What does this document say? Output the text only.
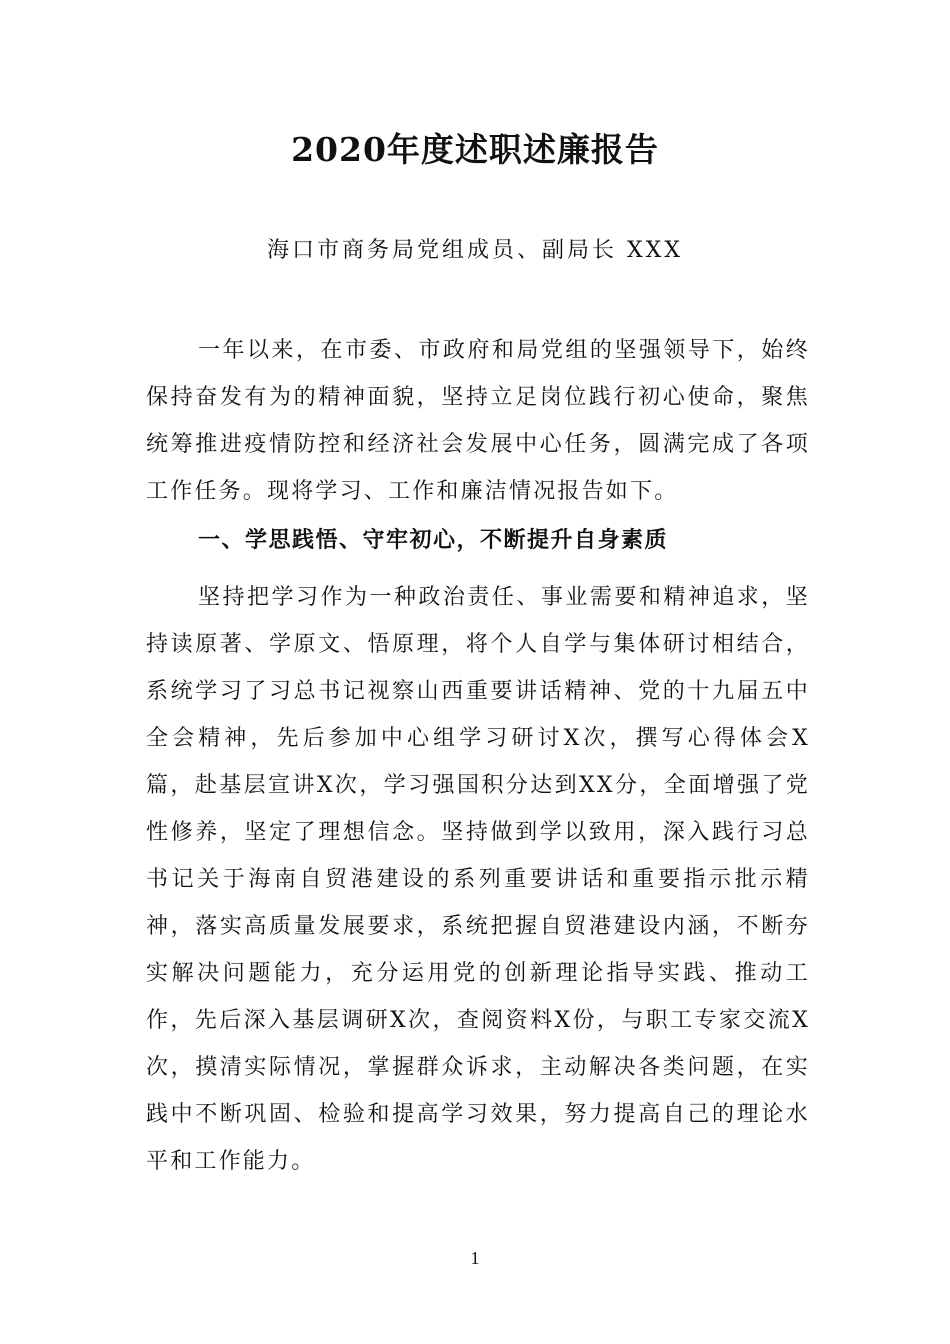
2020年度述职述廉报告
海口市商务局党组成员、副局长 XXX

一年以来，在市委、市政府和局党组的坚强领导下，始终保持奋发有为的精神面貌，坚持立足岗位践行初心使命，聚焦统筹推进疫情防控和经济社会发展中心任务，圆满完成了各项工作任务。现将学习、工作和廉洁情况报告如下。

一、学思践悟、守牢初心，不断提升自身素质

坚持把学习作为一种政治责任、事业需要和精神追求，坚持读原著、学原文、悟原理，将个人自学与集体研讨相结合，系统学习了习总书记视察山西重要讲话精神、党的十九届五中全会精神，先后参加中心组学习研讨X次，撰写心得体会X篇，赴基层宣讲X次，学习强国积分达到XX分，全面增强了党性修养，坚定了理想信念。坚持做到学以致用，深入践行习总书记关于海南自贸港建设的系列重要讲话和重要指示批示精神，落实高质量发展要求，系统把握自贸港建设内涵，不断夯实解决问题能力，充分运用党的创新理论指导实践、推动工作，先后深入基层调研X次，查阅资料X份，与职工专家交流X次，摸清实际情况，掌握群众诉求，主动解决各类问题，在实践中不断巩固、检验和提高学习效果，努力提高自己的理论水平和工作能力。

1
